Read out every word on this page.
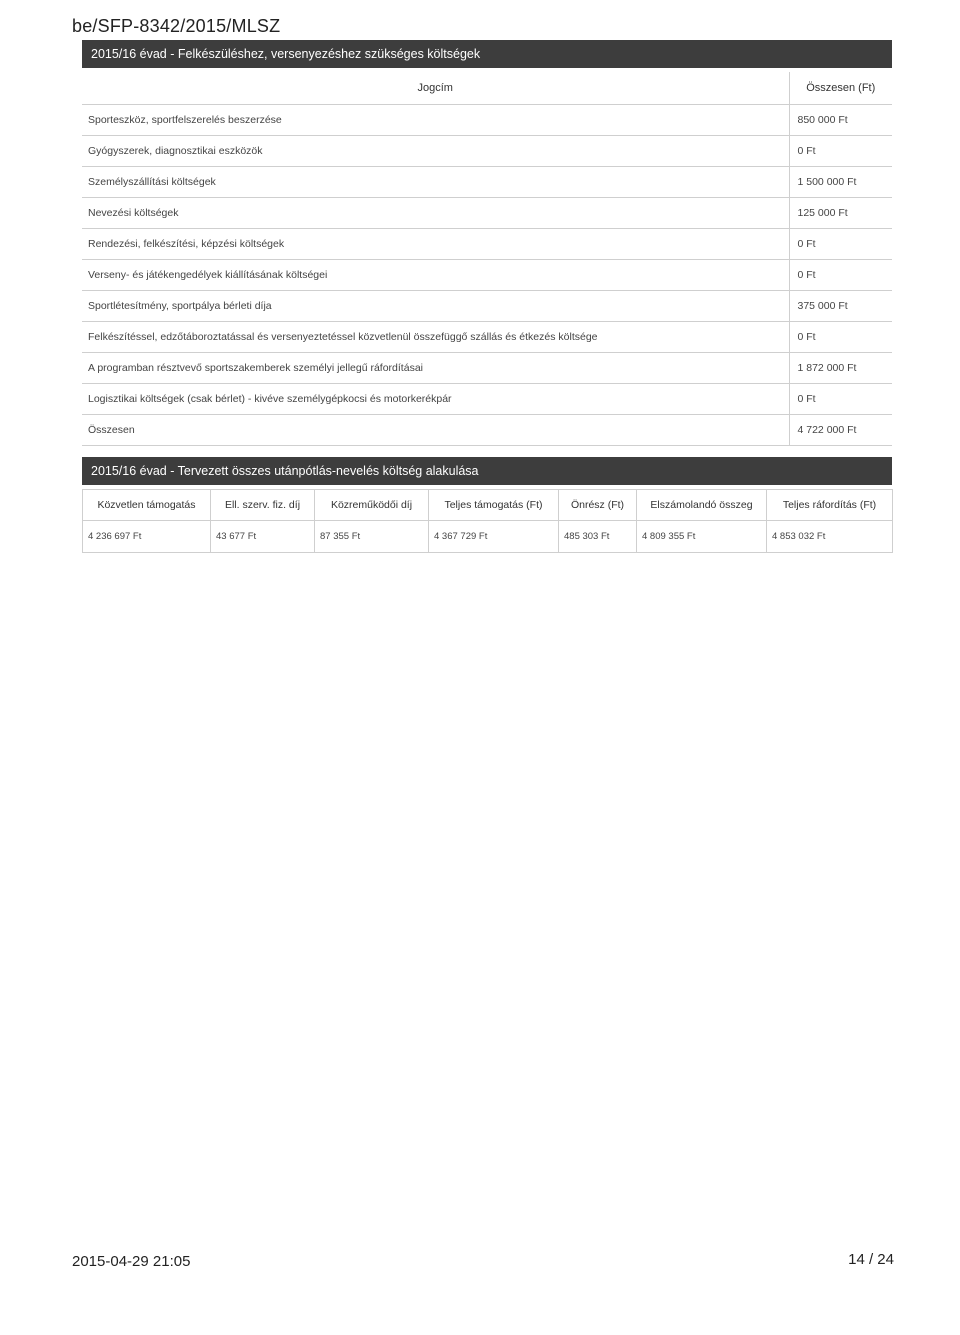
be/SFP-8342/2015/MLSZ
2015/16 évad - Felkészüléshez, versenyezéshez szükséges költségek
Jogcím	Összesen (Ft)
Sporteszköz, sportfelszerelés beszerzése	850 000 Ft
Gyógyszerek, diagnosztikai eszközök	0 Ft
Személyszállítási költségek	1 500 000 Ft
Nevezési költségek	125 000 Ft
Rendezési, felkészítési, képzési költségek	0 Ft
Verseny- és játékengedélyek kiállításának költségei	0 Ft
Sportlétesítmény, sportpálya bérleti díja	375 000 Ft
Felkészítéssel, edzőtáboroztatással és versenyeztetéssel közvetlenül összefüggő szállás és étkezés költsége	0 Ft
A programban résztvevő sportszakemberek személyi jellegű ráfordításai	1 872 000 Ft
Logisztikai költségek (csak bérlet) - kivéve személygépkocsi és motorkerékpár	0 Ft
Összesen	4 722 000 Ft
2015/16 évad - Tervezett összes utánpótlás-nevelés költség alakulása
Közvetlen támogatás	Ell. szerv. fiz. díj	Közreműködői díj	Teljes támogatás (Ft)	Önrész (Ft)	Elszámolandó összeg	Teljes ráfordítás (Ft)
4 236 697 Ft	43 677 Ft	87 355 Ft	4 367 729 Ft	485 303 Ft	4 809 355 Ft	4 853 032 Ft
2015-04-29 21:05	14 / 24
